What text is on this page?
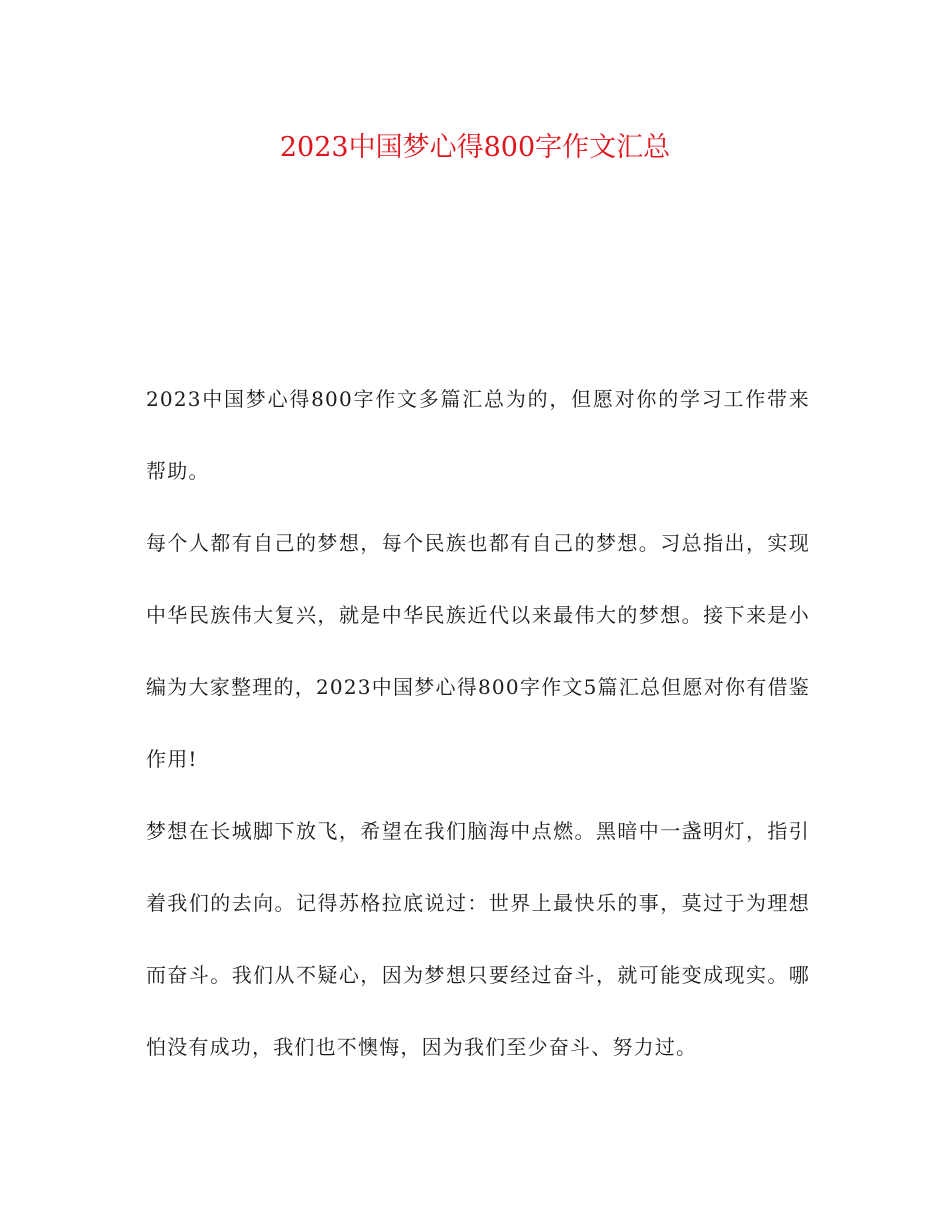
2023中国梦心得800字作文汇总

2023中国梦心得800字作文多篇汇总为的，但愿对你的学习工作带来帮助。

每个人都有自己的梦想，每个民族也都有自己的梦想。习总指出，实现中华民族伟大复兴，就是中华民族近代以来最伟大的梦想。接下来是小编为大家整理的，2023中国梦心得800字作文5篇汇总但愿对你有借鉴作用!

梦想在长城脚下放飞，希望在我们脑海中点燃。黑暗中一盏明灯，指引着我们的去向。记得苏格拉底说过：世界上最快乐的事，莫过于为理想而奋斗。我们从不疑心，因为梦想只要经过奋斗，就可能变成现实。哪怕没有成功，我们也不懊悔，因为我们至少奋斗、努力过。
